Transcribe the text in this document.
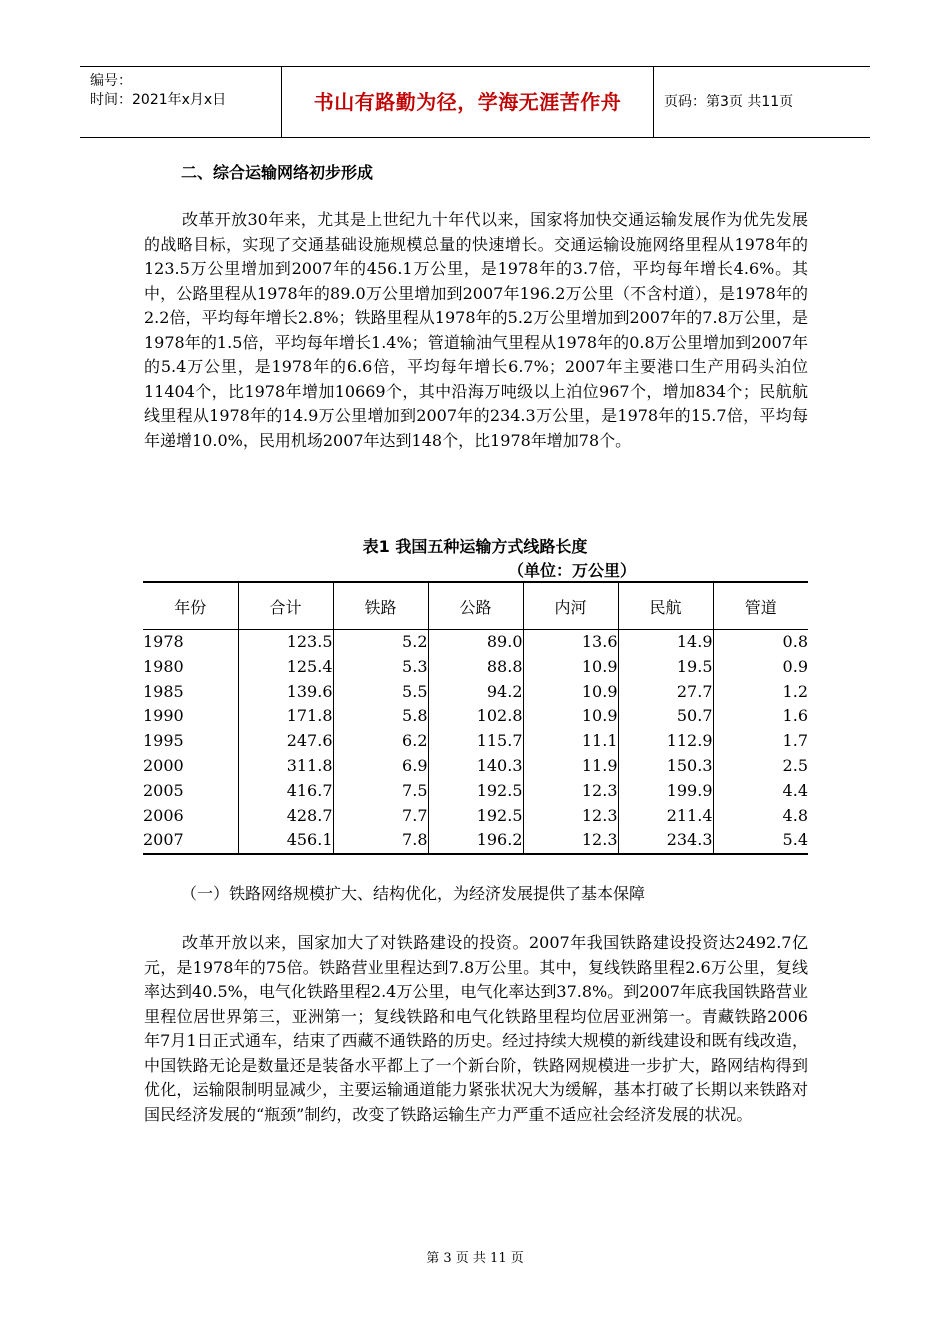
编号：
时间：2021年x月x日	书山有路勤为径，学海无涯苦作舟	页码：第3页 共11页
二、综合运输网络初步形成

改革开放30年来，尤其是上世纪九十年代以来，国家将加快交通运输发展作为优先发展的战略目标，实现了交通基础设施规模总量的快速增长。交通运输设施网络里程从1978年的123.5万公里增加到2007年的456.1万公里，是1978年的3.7倍，平均每年增长4.6%。其中，公路里程从1978年的89.0万公里增加到2007年196.2万公里（不含村道），是1978年的2.2倍，平均每年增长2.8%；铁路里程从1978年的5.2万公里增加到2007年的7.8万公里，是1978年的1.5倍，平均每年增长1.4%；管道输油气里程从1978年的0.8万公里增加到2007年的5.4万公里，是1978年的6.6倍，平均每年增长6.7%；2007年主要港口生产用码头泊位11404个，比1978年增加10669个，其中沿海万吨级以上泊位967个，增加834个；民航航线里程从1978年的14.9万公里增加到2007年的234.3万公里，是1978年的15.7倍，平均每年递增10.0%，民用机场2007年达到148个，比1978年增加78个。

表1 我国五种运输方式线路长度
（单位：万公里）
年份	合计	铁路	公路	内河	民航	管道
1978	123.5	5.2	89.0	13.6	14.9	0.8
1980	125.4	5.3	88.8	10.9	19.5	0.9
1985	139.6	5.5	94.2	10.9	27.7	1.2
1990	171.8	5.8	102.8	10.9	50.7	1.6
1995	247.6	6.2	115.7	11.1	112.9	1.7
2000	311.8	6.9	140.3	11.9	150.3	2.5
2005	416.7	7.5	192.5	12.3	199.9	4.4
2006	428.7	7.7	192.5	12.3	211.4	4.8
2007	456.1	7.8	196.2	12.3	234.3	5.4
（一）铁路网络规模扩大、结构优化，为经济发展提供了基本保障

改革开放以来，国家加大了对铁路建设的投资。2007年我国铁路建设投资达2492.7亿元，是1978年的75倍。铁路营业里程达到7.8万公里。其中，复线铁路里程2.6万公里，复线率达到40.5%，电气化铁路里程2.4万公里，电气化率达到37.8%。到2007年底我国铁路营业里程位居世界第三，亚洲第一；复线铁路和电气化铁路里程均位居亚洲第一。青藏铁路2006年7月1日正式通车，结束了西藏不通铁路的历史。经过持续大规模的新线建设和既有线改造，中国铁路无论是数量还是装备水平都上了一个新台阶，铁路网规模进一步扩大，路网结构得到优化，运输限制明显减少，主要运输通道能力紧张状况大为缓解，基本打破了长期以来铁路对国民经济发展的“瓶颈”制约，改变了铁路运输生产力严重不适应社会经济发展的状况。

第 3 页 共 11 页
